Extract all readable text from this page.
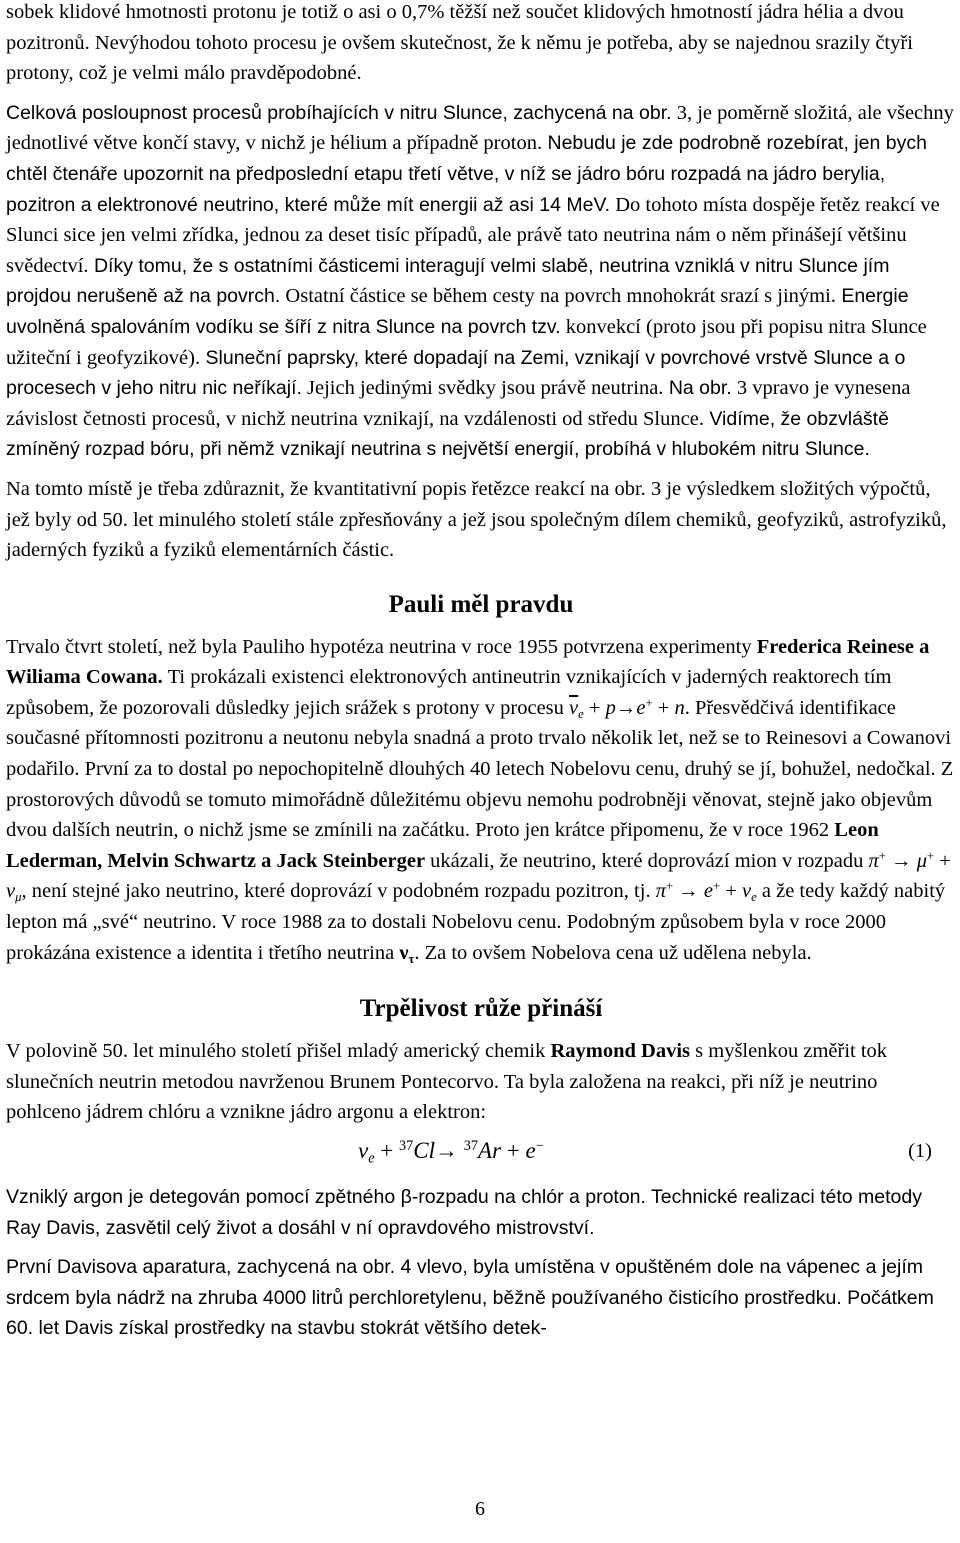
sobek klidové hmotnosti protonu je totiž o asi o 0,7% těžší než součet klidových hmotností jádra hélia a dvou pozitronů. Nevýhodou tohoto procesu je ovšem skutečnost, že k němu je potřeba, aby se najednou srazily čtyři protony, což je velmi málo pravděpodobné.

Celková posloupnost procesů probíhajících v nitru Slunce, zachycená na obr. 3, je poměrně složitá, ale všechny jednotlivé větve končí stavy, v nichž je hélium a případně proton. Nebudu je zde podrobně rozebírat, jen bych chtěl čtenáře upozornit na předposlední etapu třetí větve, v níž se jádro bóru rozpadá na jádro berylia, pozitron a elektronové neutrino, které může mít energii až asi 14 MeV. Do tohoto místa dospěje řetěz reakcí ve Slunci sice jen velmi zřídka, jednou za deset tisíc případů, ale právě tato neutrina nám o něm přinášejí většinu svědectví. Díky tomu, že s ostatními částicemi interagují velmi slabě, neutrina vzniklá v nitru Slunce jím projdou nerušeně až na povrch. Ostatní částice se během cesty na povrch mnohokrát srazí s jinými. Energie uvolněná spalováním vodíku se šíří z nitra Slunce na povrch tzv. konvekcí (proto jsou při popisu nitra Slunce užiteční i geofyzikové). Sluneční paprsky, které dopadají na Zemi, vznikají v povrchové vrstvě Slunce a o procesech v jeho nitru nic neříkají. Jejich jedinými svědky jsou právě neutrina. Na obr. 3 vpravo je vynesena závislost četnosti procesů, v nichž neutrina vznikají, na vzdálenosti od středu Slunce. Vidíme, že obzvláště zmíněný rozpad bóru, při němž vznikají neutrina s největší energií, probíhá v hlubokém nitru Slunce.

Na tomto místě je třeba zdůraznit, že kvantitativní popis řetězce reakcí na obr. 3 je výsledkem složitých výpočtů, jež byly od 50. let minulého století stále zpřesňovány a jež jsou společným dílem chemiků, geofyziků, astrofyziků, jaderných fyziků a fyziků elementárních částic.

Pauli měl pravdu

Trvalo čtvrt století, než byla Pauliho hypotéza neutrina v roce 1955 potvrzena experimenty Frederica Reinese a Wiliama Cowana. Ti prokázali existenci elektronových antineutrin vznikajících v jaderných reaktorech tím způsobem, že pozorovali důsledky jejich srážek s protony v procesu $\overline{\nu}_e + p\to e^+ + n$. Přesvědčivá identifikace současné přítomnosti pozitronu a neutonu nebyla snadná a proto trvalo několik let, než se to Reinesovi a Cowanovi podařilo. První za to dostal po nepochopitelně dlouhých 40 letech Nobelovu cenu, druhý se jí, bohužel, nedočkal. Z prostorových důvodů se tomuto mimořádně důležitému objevu nemohu podrobněji věnovat, stejně jako objevům dvou dalších neutrin, o nichž jsme se zmínili na začátku. Proto jen krátce připomenu, že v roce 1962 Leon Lederman, Melvin Schwartz a Jack Steinberger ukázali, že neutrino, které doprovází mion v rozpadu $\pi^+ \to \mu^+ + \nu_\mu$, není stejné jako neutrino, které doprovází v podobném rozpadu pozitron, tj. $\pi^+ \to e^+ + \nu_e$ a že tedy každý nabitý lepton má „své“ neutrino. V roce 1988 za to dostali Nobelovu cenu. Podobným způsobem byla v roce 2000 prokázána existence a identita i třetího neutrina $\nu_\tau$. Za to ovšem Nobelova cena už udělena nebyla.

Trpělivost růže přináší

V polovině 50. let minulého století přišel mladý americký chemik Raymond Davis s myšlenkou změřit tok slunečních neutrin metodou navrženou Brunem Pontecorvo. Ta byla založena na reakci, při níž je neutrino pohlceno jádrem chlóru a vznikne jádro argonu a elektron:

$\nu_e + ^{37}Cl\to ^{37}Ar + e^-$	(1)

Vzniklý argon je detegován pomocí zpětného β-rozpadu na chlór a proton. Technické realizaci této metody Ray Davis, zasvětil celý život a dosáhl v ní opravdového mistrovství.

První Davisova aparatura, zachycená na obr. 4 vlevo, byla umístěna v opuštěném dole na vápenec a jejím srdcem byla nádrž na zhruba 4000 litrů perchloretylenu, běžně používaného čisticího prostředku. Počátkem 60. let Davis získal prostředky na stavbu stokrát většího detek-

6
